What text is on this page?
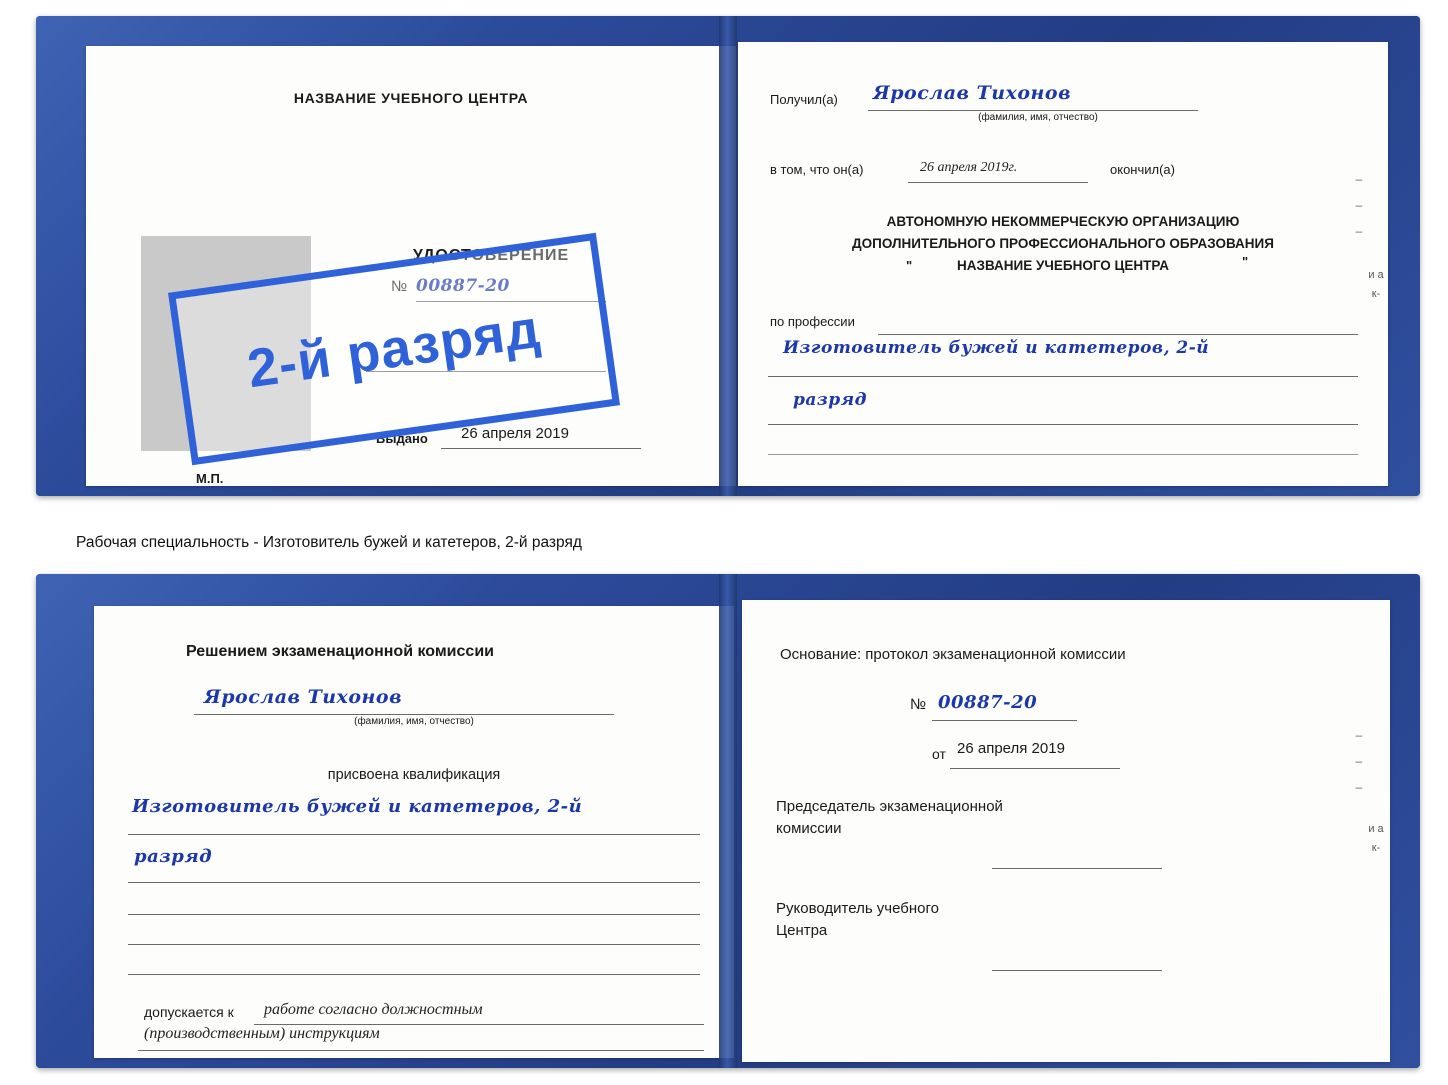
НАЗВАНИЕ УЧЕБНОГО ЦЕНТРА
УДОСТОВЕРЕНИЕ
№ 00887-20
Выдано 26 апреля 2019
М.П.
Получил(а) Ярослав Тихонов
(фамилия, имя, отчество)
в том, что он(а)	26 апреля 2019г.	окончил(а)
АВТОНОМНУЮ НЕКОММЕРЧЕСКУЮ ОРГАНИЗАЦИЮ
ДОПОЛНИТЕЛЬНОГО ПРОФЕССИОНАЛЬНОГО ОБРАЗОВАНИЯ
"	НАЗВАНИЕ УЧЕБНОГО ЦЕНТРА	"
по профессии
Изготовитель бужей и катетеров, 2-й
разряд
–
–
–
и а к-
2-й разряд
Рабочая специальность - Изготовитель бужей и катетеров, 2-й разряд
Решением экзаменационной комиссии
Ярослав Тихонов
(фамилия, имя, отчество)
присвоена квалификация
Изготовитель бужей и катетеров, 2-й
разряд
допускается к работе согласно должностным
(производственным) инструкциям
Основание: протокол экзаменационной комиссии
№ 00887-20
от 26 апреля 2019
Председатель экзаменационной
комиссии
Руководитель учебного
Центра
–
–
–
и а к-
